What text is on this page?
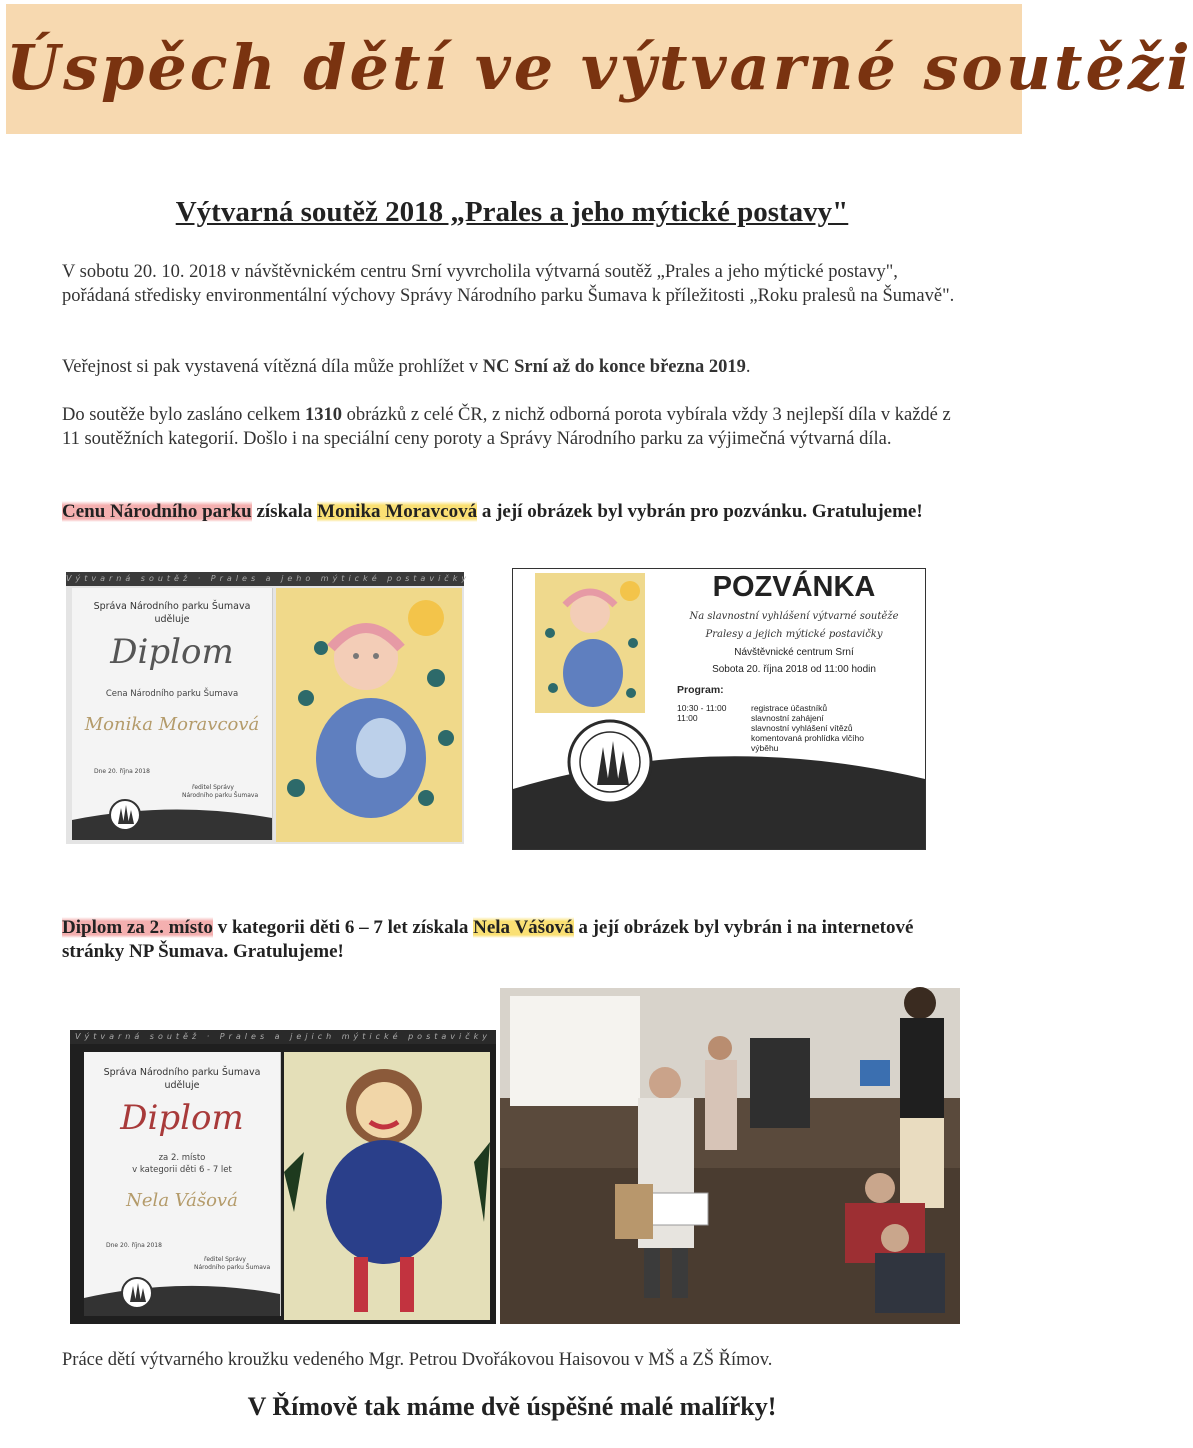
Úspěch dětí ve výtvarné soutěži
Výtvarná soutěž 2018 „Prales a jeho mýtické postavy"
V sobotu 20. 10. 2018 v návštěvnickém centru Srní vyvrcholila výtvarná soutěž „Prales a jeho mýtické postavy", pořádaná středisky environmentální výchovy Správy Národního parku Šumava k příležitosti „Roku pralesů na Šumavě".
Veřejnost si pak vystavená vítězná díla může prohlížet v NC Srní až do konce března 2019.
Do soutěže bylo zasláno celkem 1310 obrázků z celé ČR, z nichž odborná porota vybírala vždy 3 nejlepší díla v každé z 11 soutěžních kategorií. Došlo i na speciální ceny poroty a Správy Národního parku za výjimečná výtvarná díla.
Cenu Národního parku získala Monika Moravcová a její obrázek byl vybrán pro pozvánku. Gratulujeme!
Výtvarná soutěž · Prales a jeho mýtické postavičky
Správa Národního parku Šumava
uděluje
Diplom
Cena Národního parku Šumava
Monika Moravcová
Dne 20. října 2018
ředitel Správy
Národního parku Šumava
POZVÁNKA
Na slavnostní vyhlášení výtvarné soutěže
Pralesy a jejich mýtické postavičky
Návštěvnické centrum Srní
Sobota 20. října 2018 od 11:00 hodin
Program:
10:30 - 11:00
11:00
registrace účastníků
slavnostní zahájení
slavnostní vyhlášení vítězů
komentovaná prohlídka vlčího
výběhu
Diplom za 2. místo v kategorii děti 6 – 7 let získala Nela Vášová a její obrázek byl vybrán i na internetové stránky NP Šumava. Gratulujeme!
Výtvarná soutěž · Prales a jejich mýtické postavičky
Správa Národního parku Šumava
uděluje
Diplom
za 2. místo
v kategorii děti 6 - 7 let
Nela Vášová
Dne 20. října 2018
ředitel Správy
Národního parku Šumava
Práce dětí výtvarného kroužku vedeného Mgr. Petrou Dvořákovou Haisovou v MŠ a ZŠ Římov.
V Římově tak máme dvě úspěšné malé malířky!
